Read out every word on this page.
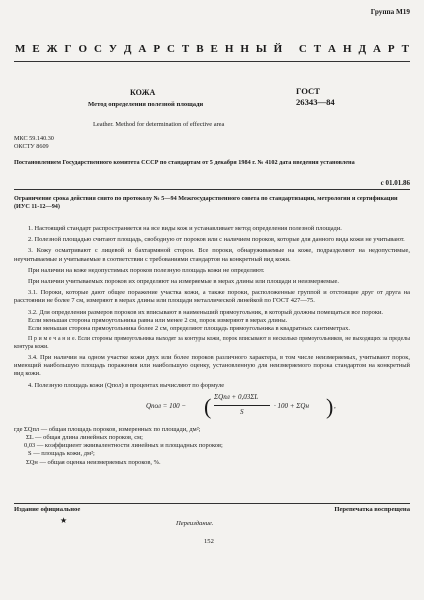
Группа М19
М Е Ж Г О С У Д А Р С Т В Е Н Н Ы Й
С Т А Н Д А Р Т
КОЖА
Метод определения полезной площади
ГОСТ
26343—84
Leather. Method for determination of effective area
МКС 59.140.30
ОКСТУ 8609
Постановлением Государственного комитета СССР по стандартам от 5 декабря 1984 г. № 4102 дата введения установлена
с 01.01.86
Ограничение срока действия снято по протоколу № 5—94 Межгосударственного совета по стандартизации, метрологии и сертификации (ИУС 11-12—94)

1. Настоящий стандарт распространяется на все виды кож и устанавливает метод определения полезной площади.

2. Полезной площадью считают площадь, свободную от пороков или с наличием пороков, которые для данного вида кожи не учитывают.

3. Кожу осматривают с лицевой и бахтармяной сторон. Все пороки, обнаруживаемые на коже, подразделяют на недопустимые, неучитываемые и учитываемые в соответствии с требованиями стандартов на конкретный вид кожи.

При наличии на коже недопустимых пороков полезную площадь кожи не определяют.

При наличии учитываемых пороков их определяют на измеряемые в мерах длины или площади и неизмеряемые.

3.1. Пороки, которые дают общее поражение участка кожи, а также пороки, расположенные группой и отстоящие друг от друга на расстоянии не более 7 см, измеряют в мерах длины или площади металлической линейкой по ГОСТ 427—75.

3.2. Для определения размеров пороков их вписывают в наименьший прямоугольник, в который должны помещаться все пороки.

Если меньшая сторона прямоугольника равна или менее 2 см, порок измеряют в мерах длины.

Если меньшая сторона прямоугольника более 2 см, определяют площадь прямоугольника в квадратных сантиметрах.

П р и м е ч а н и е. Если стороны прямоугольника выходят за контуры кожи, порок вписывают в несколько прямоугольников, не выходящих за пределы контура кожи.

3.4. При наличии на одном участке кожи двух или более пороков различного характера, в том числе неизмеряемых, учитывают порок, имеющий наибольшую площадь поражения или наибольшую оценку, установленную для неизмеряемого порока стандартом на конкретный вид кожи.

4. Полезную площадь кожи (Qпол) в процентах вычисляют по формуле

Qпол = 100 − ( ΣQпл + 0,03ΣL
S
· 100 + ΣQн ) ,

где ΣQпл — общая площадь пороков, измеренных по площади, дм²;

ΣL — общая длина линейных пороков, см;

0,03 — коэффициент эквивалентности линейных и площадных пороков;

S — площадь кожи, дм²;

ΣQн — общая оценка неизмеряемых пороков, %.

Издание официальное	Перепечатка воспрещена
★	Переиздание.
152
